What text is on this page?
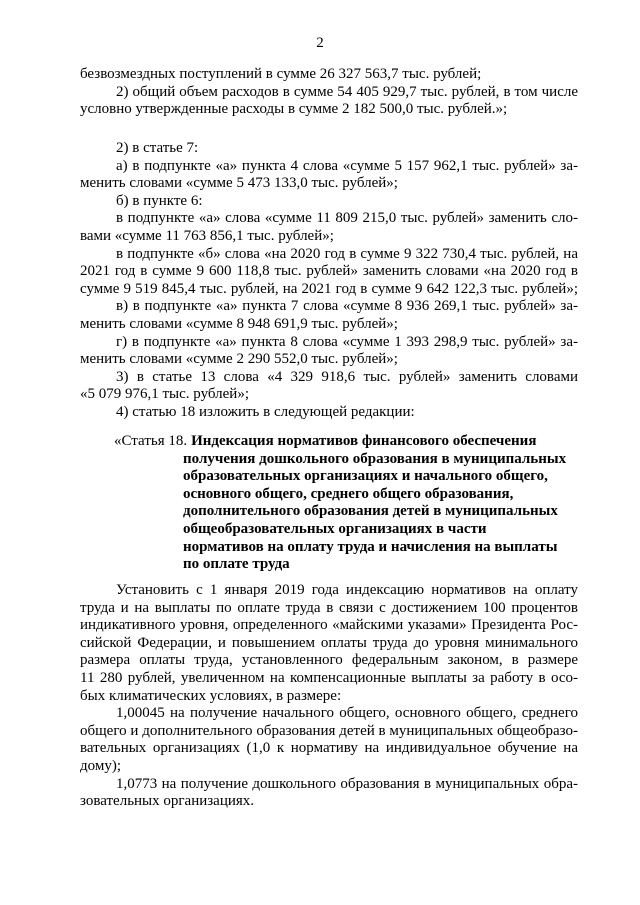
2
безвозмездных поступлений в сумме 26 327 563,7 тыс. рублей;
2) общий объем расходов в сумме 54 405 929,7 тыс. рублей, в том числе
условно утвержденные расходы в сумме 2 182 500,0 тыс. рублей.»;
2) в статье 7:
а) в подпункте «а» пункта 4 слова «сумме 5 157 962,1 тыс. рублей» за-
менить словами «сумме 5 473 133,0 тыс. рублей»;
б) в пункте 6:
в подпункте «а» слова «сумме 11 809 215,0 тыс. рублей» заменить сло-
вами «сумме 11 763 856,1 тыс. рублей»;
в подпункте «б» слова «на 2020 год в сумме 9 322 730,4 тыс. рублей, на
2021 год в сумме 9 600 118,8 тыс. рублей» заменить словами «на 2020 год в
сумме 9 519 845,4 тыс. рублей, на 2021 год в сумме 9 642 122,3 тыс. рублей»;
в) в подпункте «а» пункта 7 слова «сумме 8 936 269,1 тыс. рублей» за-
менить словами «сумме 8 948 691,9 тыс. рублей»;
г) в подпункте «а» пункта 8 слова «сумме 1 393 298,9 тыс. рублей» за-
менить словами «сумме 2 290 552,0 тыс. рублей»;
3) в статье 13 слова «4 329 918,6 тыс. рублей» заменить словами
«5 079 976,1 тыс. рублей»;
4) статью 18 изложить в следующей редакции:
«Статья 18. Индексация нормативов финансового обеспечения
получения дошкольного образования в муниципальных
образовательных организациях и начального общего,
основного общего, среднего общего образования,
дополнительного образования детей в муниципальных
общеобразовательных организациях в части
нормативов на оплату труда и начисления на выплаты
по оплате труда
Установить с 1 января 2019 года индексацию нормативов на оплату
труда и на выплаты по оплате труда в связи с достижением 100 процентов
индикативного уровня, определенного «майскими указами» Президента Рос-
сийской Федерации, и повышением оплаты труда до уровня минимального
размера оплаты труда, установленного федеральным законом, в размере
11 280 рублей, увеличенном на компенсационные выплаты за работу в осо-
бых климатических условиях, в размере:
1,00045 на получение начального общего, основного общего, среднего
общего и дополнительного образования детей в муниципальных общеобразо-
вательных организациях (1,0 к нормативу на индивидуальное обучение на
дому);
1,0773 на получение дошкольного образования в муниципальных обра-
зовательных организациях.
